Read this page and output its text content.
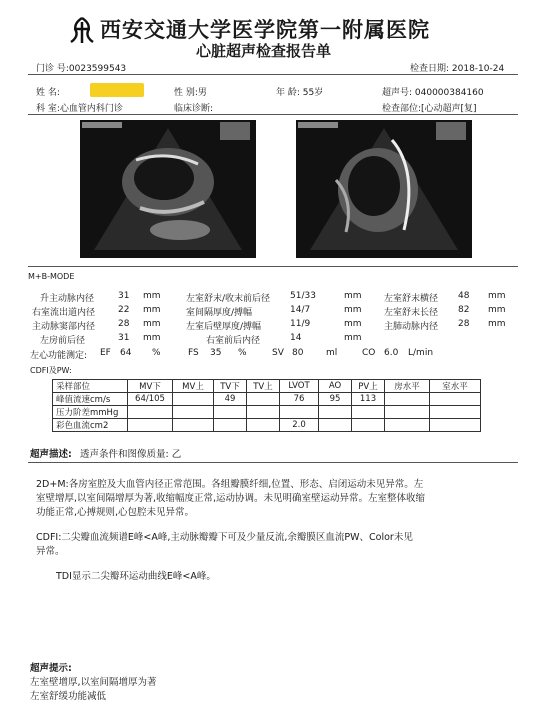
西安交通大学医学院第一附属医院
心脏超声检查报告单
门诊 号:0023599543	检查日期: 2018-10-24
姓 名:	性 别:男	年 龄: 55岁	超声号: 040000384160
科 室:心血管内科门诊	临床诊断:	检查部位:[心动超声[复]
M+B-MODE
升主动脉内径	31 mm
右室流出道内径	22 mm
主动脉窦部内径	28 mm
左房前后径	31 mm
左室舒末/收末前后径 51/33	mm
室间隔厚度/搏幅	14/7	mm
左室后壁厚度/搏幅	11/9	mm
右室前后内径	14	mm
左室舒末横径 48 mm
左室舒末长径 82 mm
主肺动脉内径 28 mm
左心功能测定: EF 64 %	FS 35 %	SV 80	ml	CO 6.0 L/min
CDFI及PW:
采样部位	MV下	MV上	TV下	TV上	LVOT	AO	PV上	房水平	室水平
峰值流速cm/s	64/105		49		76	95	113		
压力阶差mmHg									
彩色血流cm2					2.0				
超声描述: 透声条件和图像质量: 乙
2D+M:各房室腔及大血管内径正常范围。各组瓣膜纤细,位置、形态、启闭运动未见异常。左
室壁增厚,以室间隔增厚为著,收缩幅度正常,运动协调。未见明确室壁运动异常。左室整体收缩
功能正常,心搏规则,心包腔未见异常。
CDFI:二尖瓣血流频谱E峰<A峰,主动脉瓣瓣下可及少量反流,余瓣膜区血流PW、Color未见
异常。
TDI显示二尖瓣环运动曲线E峰<A峰。
超声提示:
左室壁增厚,以室间隔增厚为著
左室舒缓功能减低
